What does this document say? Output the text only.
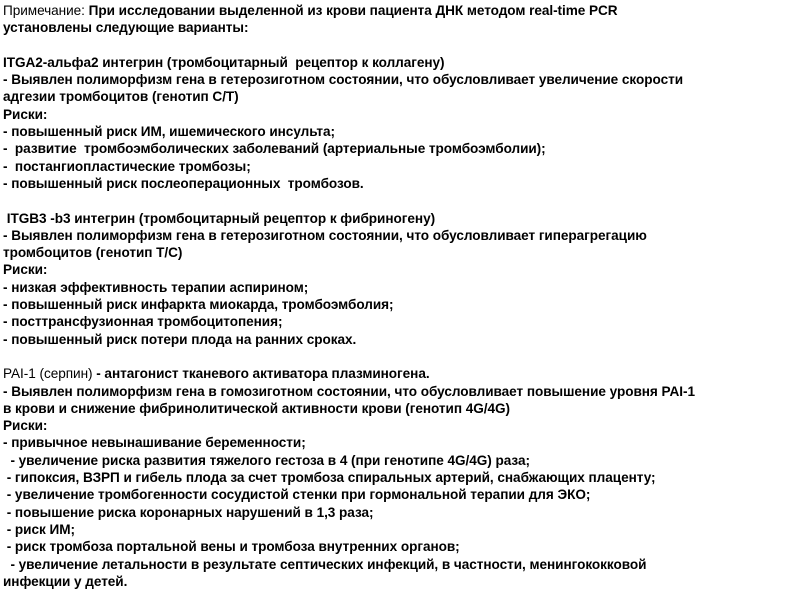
Примечание: При исследовании выделенной из крови пациента ДНК методом real-time PCR
установлены следующие варианты:
ITGA2-альфа2 интегрин (тромбоцитарный  рецептор к коллагену)
- Выявлен полиморфизм гена в гетерозиготном состоянии, что обусловливает увеличение скорости
адгезии тромбоцитов (генотип С/Т)
Риски:
- повышенный риск ИМ, ишемического инсульта;
-  развитие  тромбоэмболических заболеваний (артериальные тромбоэмболии);
-  постангиопластические тромбозы;
- повышенный риск послеоперационных  тромбозов.
ITGB3 -b3 интегрин (тромбоцитарный рецептор к фибриногену)
- Выявлен полиморфизм гена в гетерозиготном состоянии, что обусловливает гиперагрегацию
тромбоцитов (генотип Т/С)
Риски:
- низкая эффективность терапии аспирином;
- повышенный риск инфаркта миокарда, тромбоэмболия;
- посттрансфузионная тромбоцитопения;
- повышенный риск потери плода на ранних сроках.
PAI-1 (серпин) - антагонист тканевого активатора плазминогена.
- Выявлен полиморфизм гена в гомозиготном состоянии, что обусловливает повышение уровня PAI-1
в крови и снижение фибринолитической активности крови (генотип 4G/4G)
Риски:
- привычное невынашивание беременности;
- увеличение риска развития тяжелого гестоза в 4 (при генотипе 4G/4G) раза;
- гипоксия, ВЗРП и гибель плода за счет тромбоза спиральных артерий, снабжающих плаценту;
- увеличение тромбогенности сосудистой стенки при гормональной терапии для ЭКО;
- повышение риска коронарных нарушений в 1,3 раза;
- риск ИМ;
- риск тромбоза портальной вены и тромбоза внутренних органов;
- увеличение летальности в результате септических инфекций, в частности, менингококковой
инфекции у детей.
